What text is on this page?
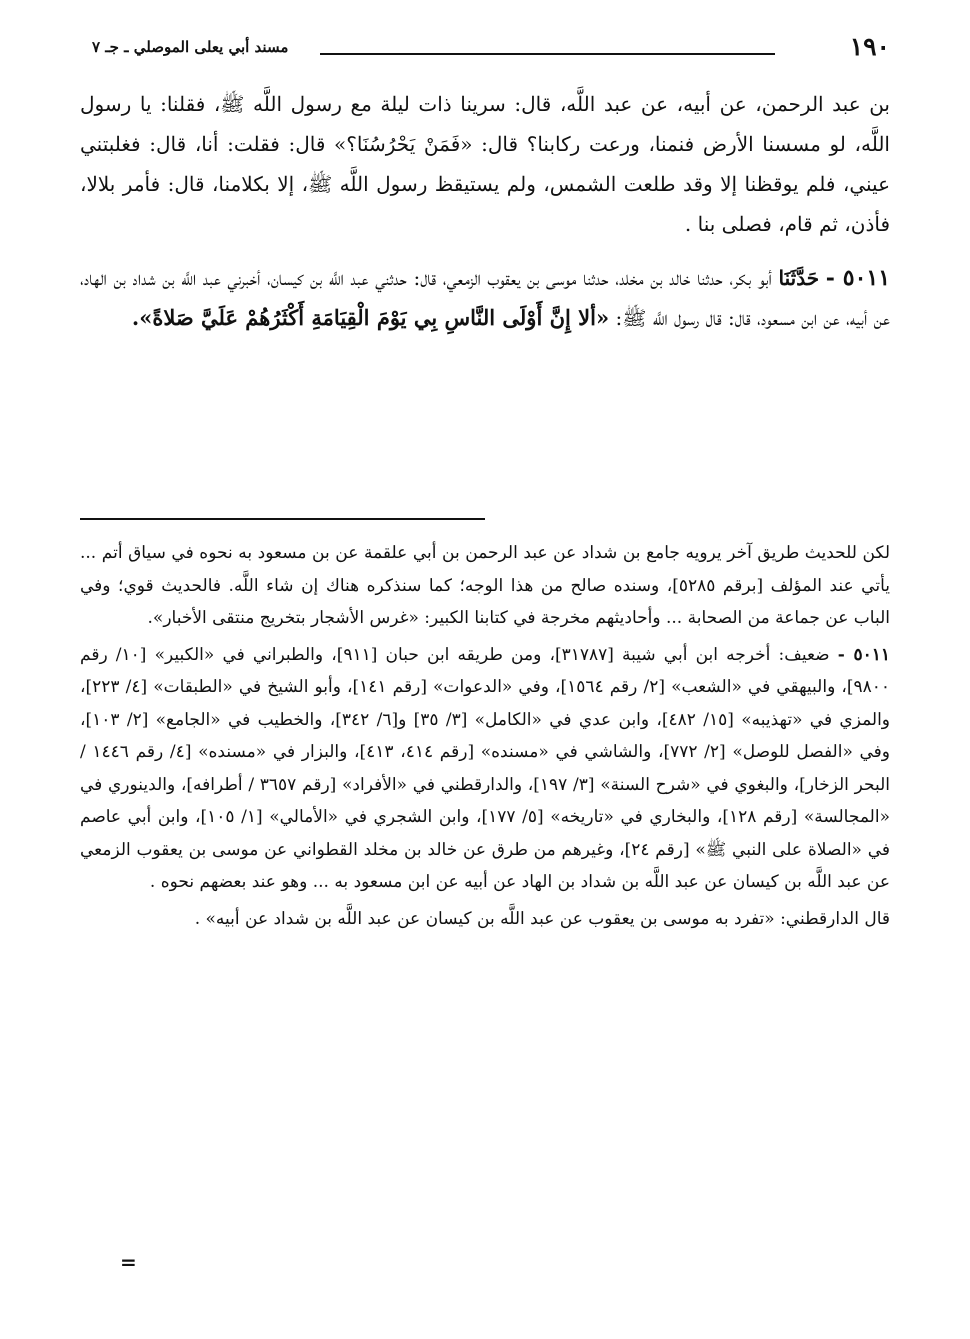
١٩٠
مسند أبي يعلى الموصلي ـ جـ ٧

بن عبد الرحمن، عن أبيه، عن عبد اللَّه، قال: سرينا ذات ليلة مع رسول اللَّه ﷺ، فقلنا: يا رسول اللَّه، لو مسسنا الأرض فنمنا، ورعت ركابنا؟ قال: «فَمَنْ يَحْرُسُنَا؟» قال: فقلت: أنا، قال: فغلبتني عيني، فلم يوقظنا إلا وقد طلعت الشمس، ولم يستيقظ رسول اللَّه ﷺ، إلا بكلامنا، قال: فأمر بلالا، فأذن، ثم قام، فصلى بنا .

٥٠١١ - حَدَّثَنَا أبو بكر، حدثنا خالد بن مخلد، حدثنا موسى بن يعقوب الزمعي، قال: حدثني عبد اللَّه بن كيسان، أخبرني عبد اللَّه بن شداد بن الهاد، عن أبيه، عن ابن مسعود، قال: قال رسول اللَّه ﷺ: «ألا إِنَّ أَوْلَى النَّاسِ بِي يَوْمَ الْقِيَامَةِ أَكْثَرُهُمْ عَلَيَّ صَلاةً».

لكن للحديث طريق آخر يرويه جامع بن شداد عن عبد الرحمن بن أبي علقمة عن بن مسعود به نحوه في سياق أتم ... يأتي عند المؤلف [برقم ٥٢٨٥]، وسنده صالح من هذا الوجه؛ كما سنذكره هناك إن شاء اللَّه. فالحديث قوي؛ وفي الباب عن جماعة من الصحابة ... وأحاديثهم مخرجة في كتابنا الكبير: «غرس الأشجار بتخريج منتقى الأخبار».

٥٠١١ - ضعيف: أخرجه ابن أبي شيبة [٣١٧٨٧]، ومن طريقه ابن حبان [٩١١]، والطبراني في «الكبير» [١٠/ رقم ٩٨٠٠]، والبيهقي في «الشعب» [٢/ رقم ١٥٦٤]، وفي «الدعوات» [رقم ١٤١]، وأبو الشيخ في «الطبقات» [٤/ ٢٢٣]، والمزي في «تهذيبه» [١٥/ ٤٨٢]، وابن عدي في «الكامل» [٣/ ٣٥] و[٦/ ٣٤٢]، والخطيب في «الجامع» [٢/ ١٠٣]، وفي «الفصل للوصل» [٢/ ٧٧٢]، والشاشي في «مسنده» [رقم ٤١٤، ٤١٣]، والبزار في «مسنده» [٤/ رقم ١٤٤٦ / البحر الزخار]، والبغوي في «شرح السنة» [٣/ ١٩٧]، والدارقطني في «الأفراد» [رقم ٣٦٥٧ / أطرافه]، والدينوري في «المجالسة» [رقم ١٢٨]، والبخاري في «تاريخه» [٥/ ١٧٧]، وابن الشجري في «الأمالي» [١/ ١٠٥]، وابن أبي عاصم في «الصلاة على النبي ﷺ» [رقم ٢٤]، وغيرهم من طرق عن خالد بن مخلد القطواني عن موسى بن يعقوب الزمعي عن عبد اللَّه بن كيسان عن عبد اللَّه بن شداد بن الهاد عن أبيه عن ابن مسعود به ... وهو عند بعضهم نحوه .

قال الدارقطني: «تفرد به موسى بن يعقوب عن عبد اللَّه بن كيسان عن عبد اللَّه بن شداد عن أبيه» .

=
